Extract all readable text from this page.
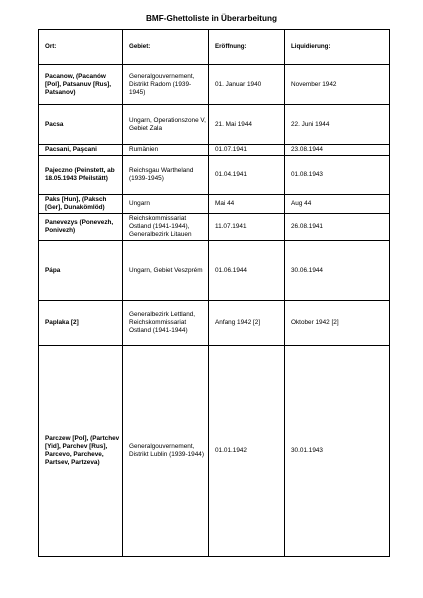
BMF-Ghettoliste in Überarbeitung
Ort:	Gebiet:	Eröffnung:	Liquidierung:
Pacanow, (Pacanów [Pol], Patsanuv [Rus], Patsanov)	Generalgouvernement, Distrikt Radom (1939-1945)	01. Januar 1940	November 1942
Pacsa	Ungarn, Operationszone V, Gebiet Zala	21. Mai 1944	22. Juni 1944
Pacsani, Paşcani	Rumänien	01.07.1941	23.08.1944
Pajeczno (Peinstett, ab 18.05.1943 Pfeilstätt)	Reichsgau Wartheland (1939-1945)	01.04.1941	01.08.1943
Paks [Hun], (Paksch [Ger], Dunakömlöd)	Ungarn	Mai 44	Aug 44
Panevezys (Ponevezh, Ponivezh)	Reichskommissariat Ostland (1941-1944), Generalbezirk Litauen	11.07.1941	26.08.1941
Pápa	Ungarn, Gebiet Veszprém	01.06.1944	30.06.1944
Paplaka [2]	Generalbezirk Lettland, Reichskommissariat Ostland (1941-1944)	Anfang 1942 [2]	Oktober 1942 [2]
Parczew [Pol], (Partchev [Yid], Parchev [Rus], Parcevo, Parcheve, Partsev, Partzeva)	Generalgouvernement, Distrikt Lublin (1939-1944)	01.01.1942	30.01.1943
